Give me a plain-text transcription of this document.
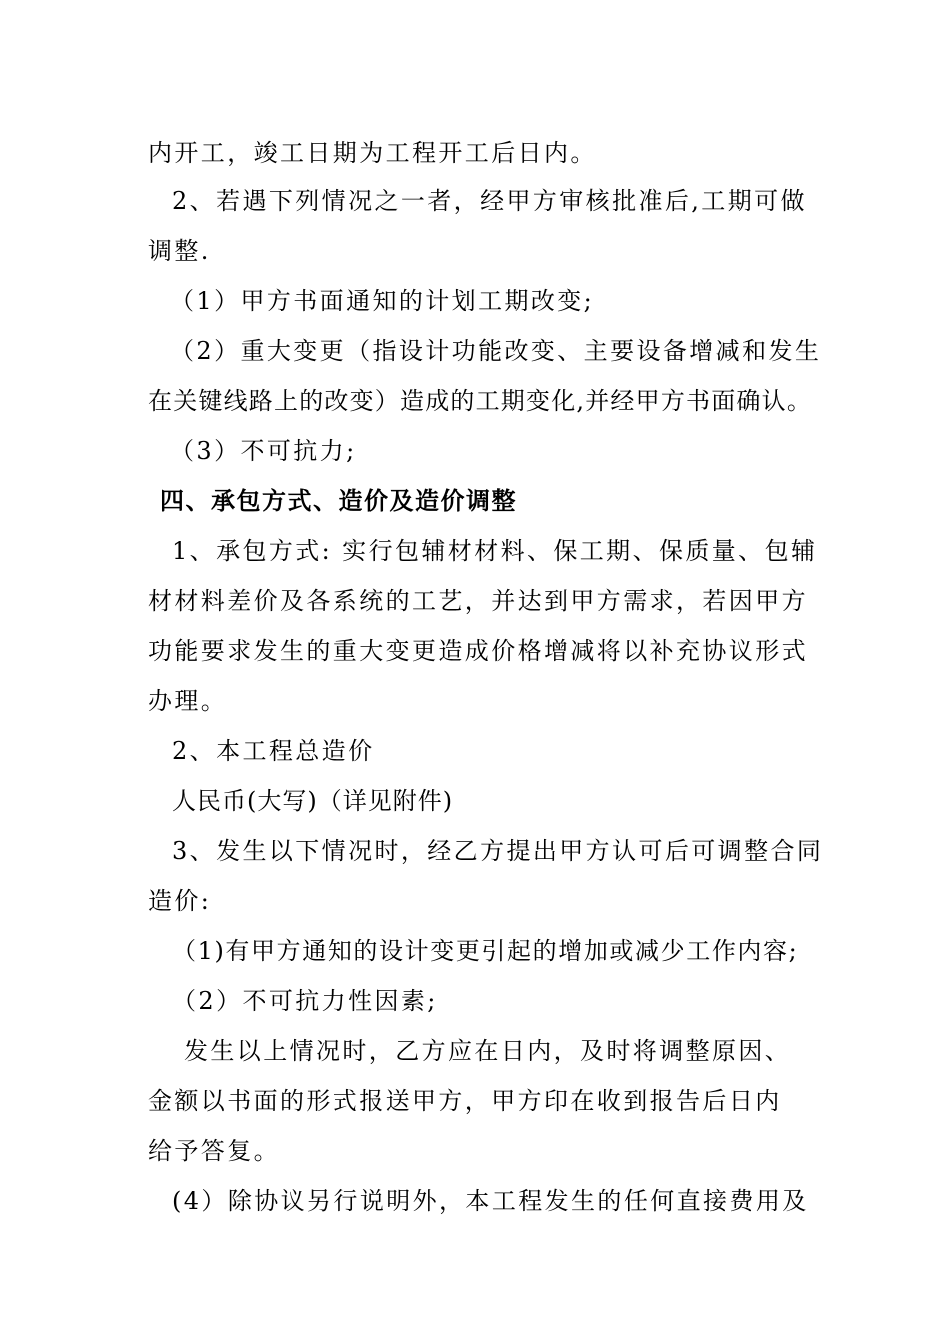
内开工，竣工日期为工程开工后日内。
2、若遇下列情况之一者，经甲方审核批准后,工期可做
调整.
（1）甲方书面通知的计划工期改变;
（2）重大变更（指设计功能改变、主要设备增减和发生
在关键线路上的改变）造成的工期变化,并经甲方书面确认。
（3）不可抗力;
四、承包方式、造价及造价调整
1、承包方式: 实行包辅材材料、保工期、保质量、包辅
材材料差价及各系统的工艺，并达到甲方需求，若因甲方
功能要求发生的重大变更造成价格增减将以补充协议形式
办理。
2、本工程总造价
人民币(大写)（详见附件)
3、发生以下情况时，经乙方提出甲方认可后可调整合同
造价:
（1)有甲方通知的设计变更引起的增加或减少工作内容;
（2）不可抗力性因素;
发生以上情况时，乙方应在日内，及时将调整原因、
金额以书面的形式报送甲方，甲方印在收到报告后日内
给予答复。
(4）除协议另行说明外，本工程发生的任何直接费用及
